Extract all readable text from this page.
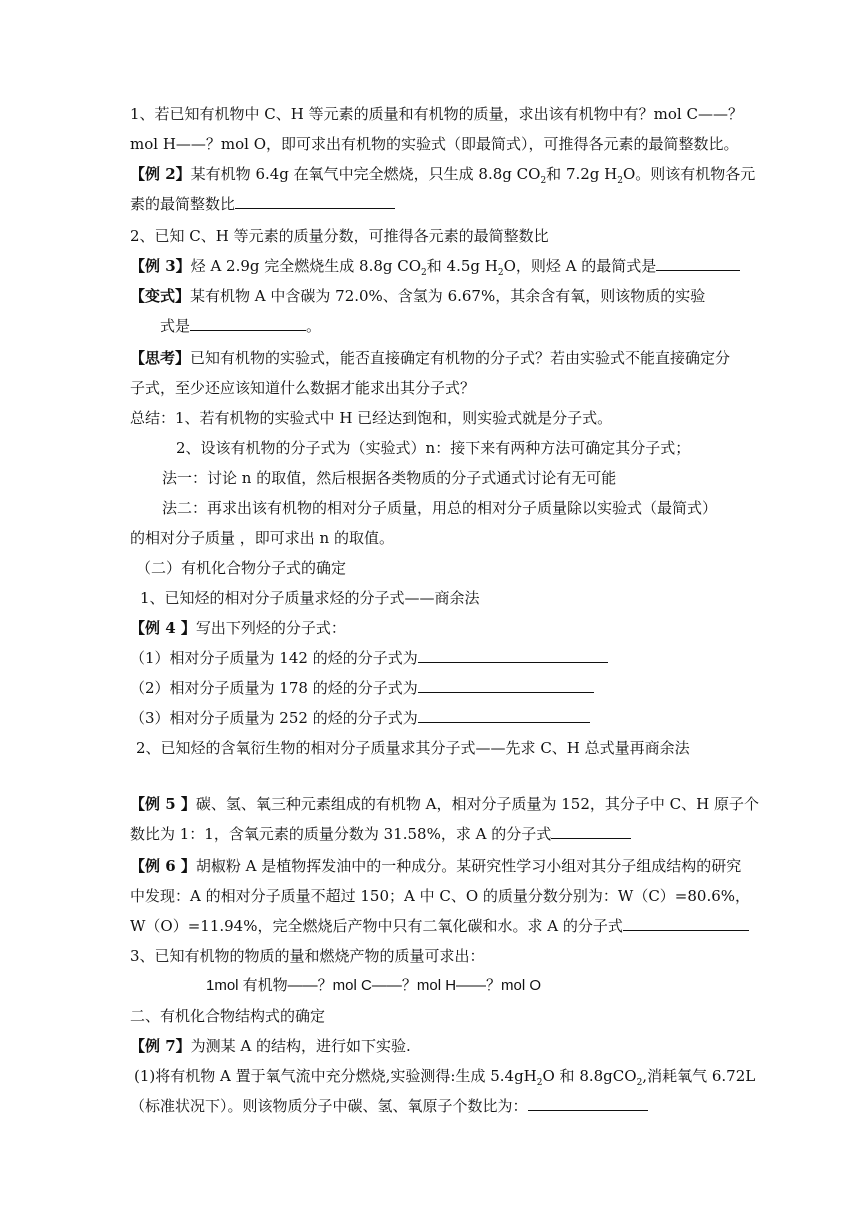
1、若已知有机物中 C、H 等元素的质量和有机物的质量，求出该有机物中有？mol C——？
mol H——？mol O，即可求出有机物的实验式（即最简式），可推得各元素的最简整数比。
【例 2】某有机物 6.4g 在氧气中完全燃烧，只生成 8.8g $CO_2$和 7.2g $H_2O$。则该有机物各元
素的最简整数比
2、已知 C、H 等元素的质量分数，可推得各元素的最简整数比
【例 3】烃 A 2.9g 完全燃烧生成 8.8g $CO_2$和 4.5g $H_2O$，则烃 A 的最简式是
【变式】某有机物 A 中含碳为 72.0%、含氢为 6.67%，其余含有氧，则该物质的实验
式是	。
【思考】已知有机物的实验式，能否直接确定有机物的分子式？若由实验式不能直接确定分
子式，至少还应该知道什么数据才能求出其分子式？
总结：1、若有机物的实验式中 H 已经达到饱和，则实验式就是分子式。
2、设该有机物的分子式为（实验式）n：接下来有两种方法可确定其分子式；
法一：讨论 n 的取值，然后根据各类物质的分子式通式讨论有无可能
法二：再求出该有机物的相对分子质量，用总的相对分子质量除以实验式（最简式）
的相对分子质量 ，即可求出 n 的取值。
（二）有机化合物分子式的确定
1、已知烃的相对分子质量求烃的分子式——商余法
【例 4 】写出下列烃的分子式：
（1）相对分子质量为 142 的烃的分子式为
（2）相对分子质量为 178 的烃的分子式为
（3）相对分子质量为 252 的烃的分子式为
2、已知烃的含氧衍生物的相对分子质量求其分子式——先求 C、H 总式量再商余法
【例 5 】碳、氢、氧三种元素组成的有机物 A，相对分子质量为 152，其分子中 C、H 原子个
数比为 1：1，含氧元素的质量分数为 31.58%，求 A 的分子式
【例 6 】胡椒粉 A 是植物挥发油中的一种成分。某研究性学习小组对其分子组成结构的研究
中发现：A 的相对分子质量不超过 150；A 中 C、O 的质量分数分别为：W（C）=80.6%，
W（O）=11.94%，完全燃烧后产物中只有二氧化碳和水。求 A 的分子式
3、已知有机物的物质的量和燃烧产物的质量可求出：
1mol 有机物——？mol C——？mol H——？mol O
二、有机化合物结构式的确定
【例 7】为测某 A 的结构，进行如下实验.
(1)将有机物 A 置于氧气流中充分燃烧,实验测得:生成 $5.4gH_2O$ 和 8.8gCO$_2$,消耗氧气 6.72L
（标准状况下）。则该物质分子中碳、氢、氧原子个数比为：
